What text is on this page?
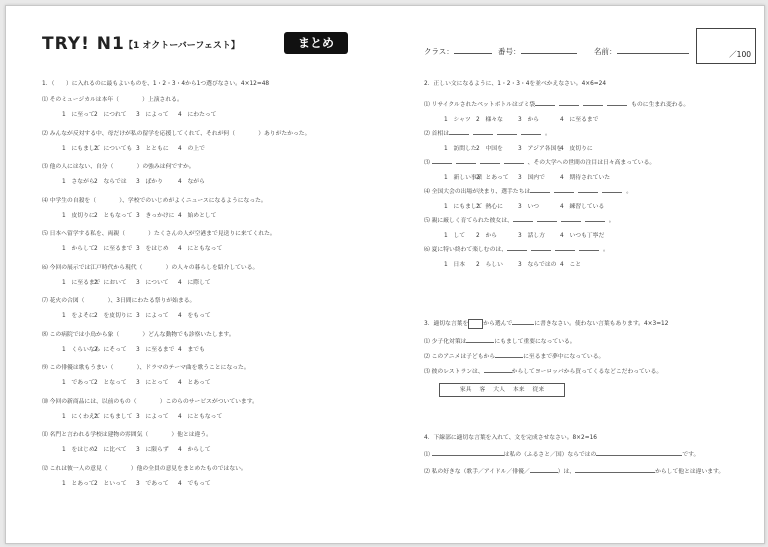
TRY! N1 【1 オクトーバーフェスト】	まとめ
クラス：	番号：	名前：	／100
1．（　　）に入れるのに最もよいものを、1・2・3・4から1つ選びなさい。4×12=48
⑴ そのミュージカルは本年（　　　　）上演される。
1　に至って 2　につれて 3　によって 4　にわたって
⑵ みんなが反対する中、母だけが私の留学を応援してくれて、それが何（　　　　）ありがたかった。
1　にもまして
2　についても 3　とともに 4　の上で
⑶ 他の人にはない、自分（　　　　）の強みは何ですか。
1　さながら 2　ならでは 3　ばかり	4　ながら
⑷ 中学生の自殺を（　　　　）、学校でのいじめがよくニュースになるようになった。
1　皮切りに 2　ともなって 3　きっかけに 4　始めとして
⑸ 日本へ留学する私を、両親（　　　　）たくさんの人が空港まで見送りに来てくれた。
1　からして 2　に至るまで 3　をはじめ 4　にともなって
⑹ 今回の展示では江戸時代から現代（　　　　）の人々の暮らしを紹介している。
1　に至るまで
2　において 3　について 4　に際して
⑺ 花火の合図（　　　　）、3日間にわたる祭りが始まる。
1　をよそに 2　を皮切りに 3　によって 4　をもって
⑻ この病院では小鳥から象（　　　　）どんな動物でも診察いたします。
1　くらいなら
2　にそって 3　に至るまで 4　までも
⑼ この俳優は歌もうまい（　　　　）、ドラマのテーマ曲を歌うことになった。
1　であって 2　となって 3　にとって 4　とあって
⑽ 今回の新商品には、以前のもの（　　　　）このらのサービスがついています。
1　にくわえて
2　にもまして 3　によって 4　にともなって
⑾ 名門と言われる学校は建物の雰囲気（　　　　）他とは違う。
1　をはじめ 2　に比べて 3　に限らず 4　からして
⑿ これは彼一人の意見（　　　　）他の全員の意見をまとめたものではない。
1　とあって 2　といって 3　であって 4　でもって
2．正しい文になるように、1・2・3・4を並べかえなさい。4×6=24
⑴ リサイクルされたペットボトルはゴミ袋	ものに生まれ変わる。
1　シャツ 2　様々な	3　から	4　に至るまで
⑵ 首相は	。
1　訪問した 2　中国を	3　アジア各国を
4　皮切りに
⑶	、その大学への世間の注目は日々高まっている。
1　新しい事業
2　とあって 3　国内で	4　期待されていた
⑷ 全国大会の出場が決まり、選手たちは	。
1　にもまして
2　熱心に	3　いつ	4　練習している
⑸ 親に厳しく育てられた彼女は、	。
1　して 2　から	3　話し方	4　いつも丁寧だ
⑹ 夏に特い終わて楽しむのは、	。
1　日本 2　らしい	3　ならではの 4　こと
3．適切な言葉を	から選んで	に書きなさい。使わない言葉もあります。4×3=12
⑴ 少子化対策は	にもまして重要になっている。
⑵ このアニメは子どもから	に至るまで夢中になっている。
⑶ 彼のレストランは、	からしてヨーロッパから買ってくるなどこだわっている。
家具 客 大人 本来 従来
4．下線部に適切な言葉を入れて、文を完成させなさい。8×2=16
⑴	は私の（ふるさと／国）ならではの	です。
⑵ 私の好きな（歌手／アイドル／俳優／	）は、	からして他とは違います。
